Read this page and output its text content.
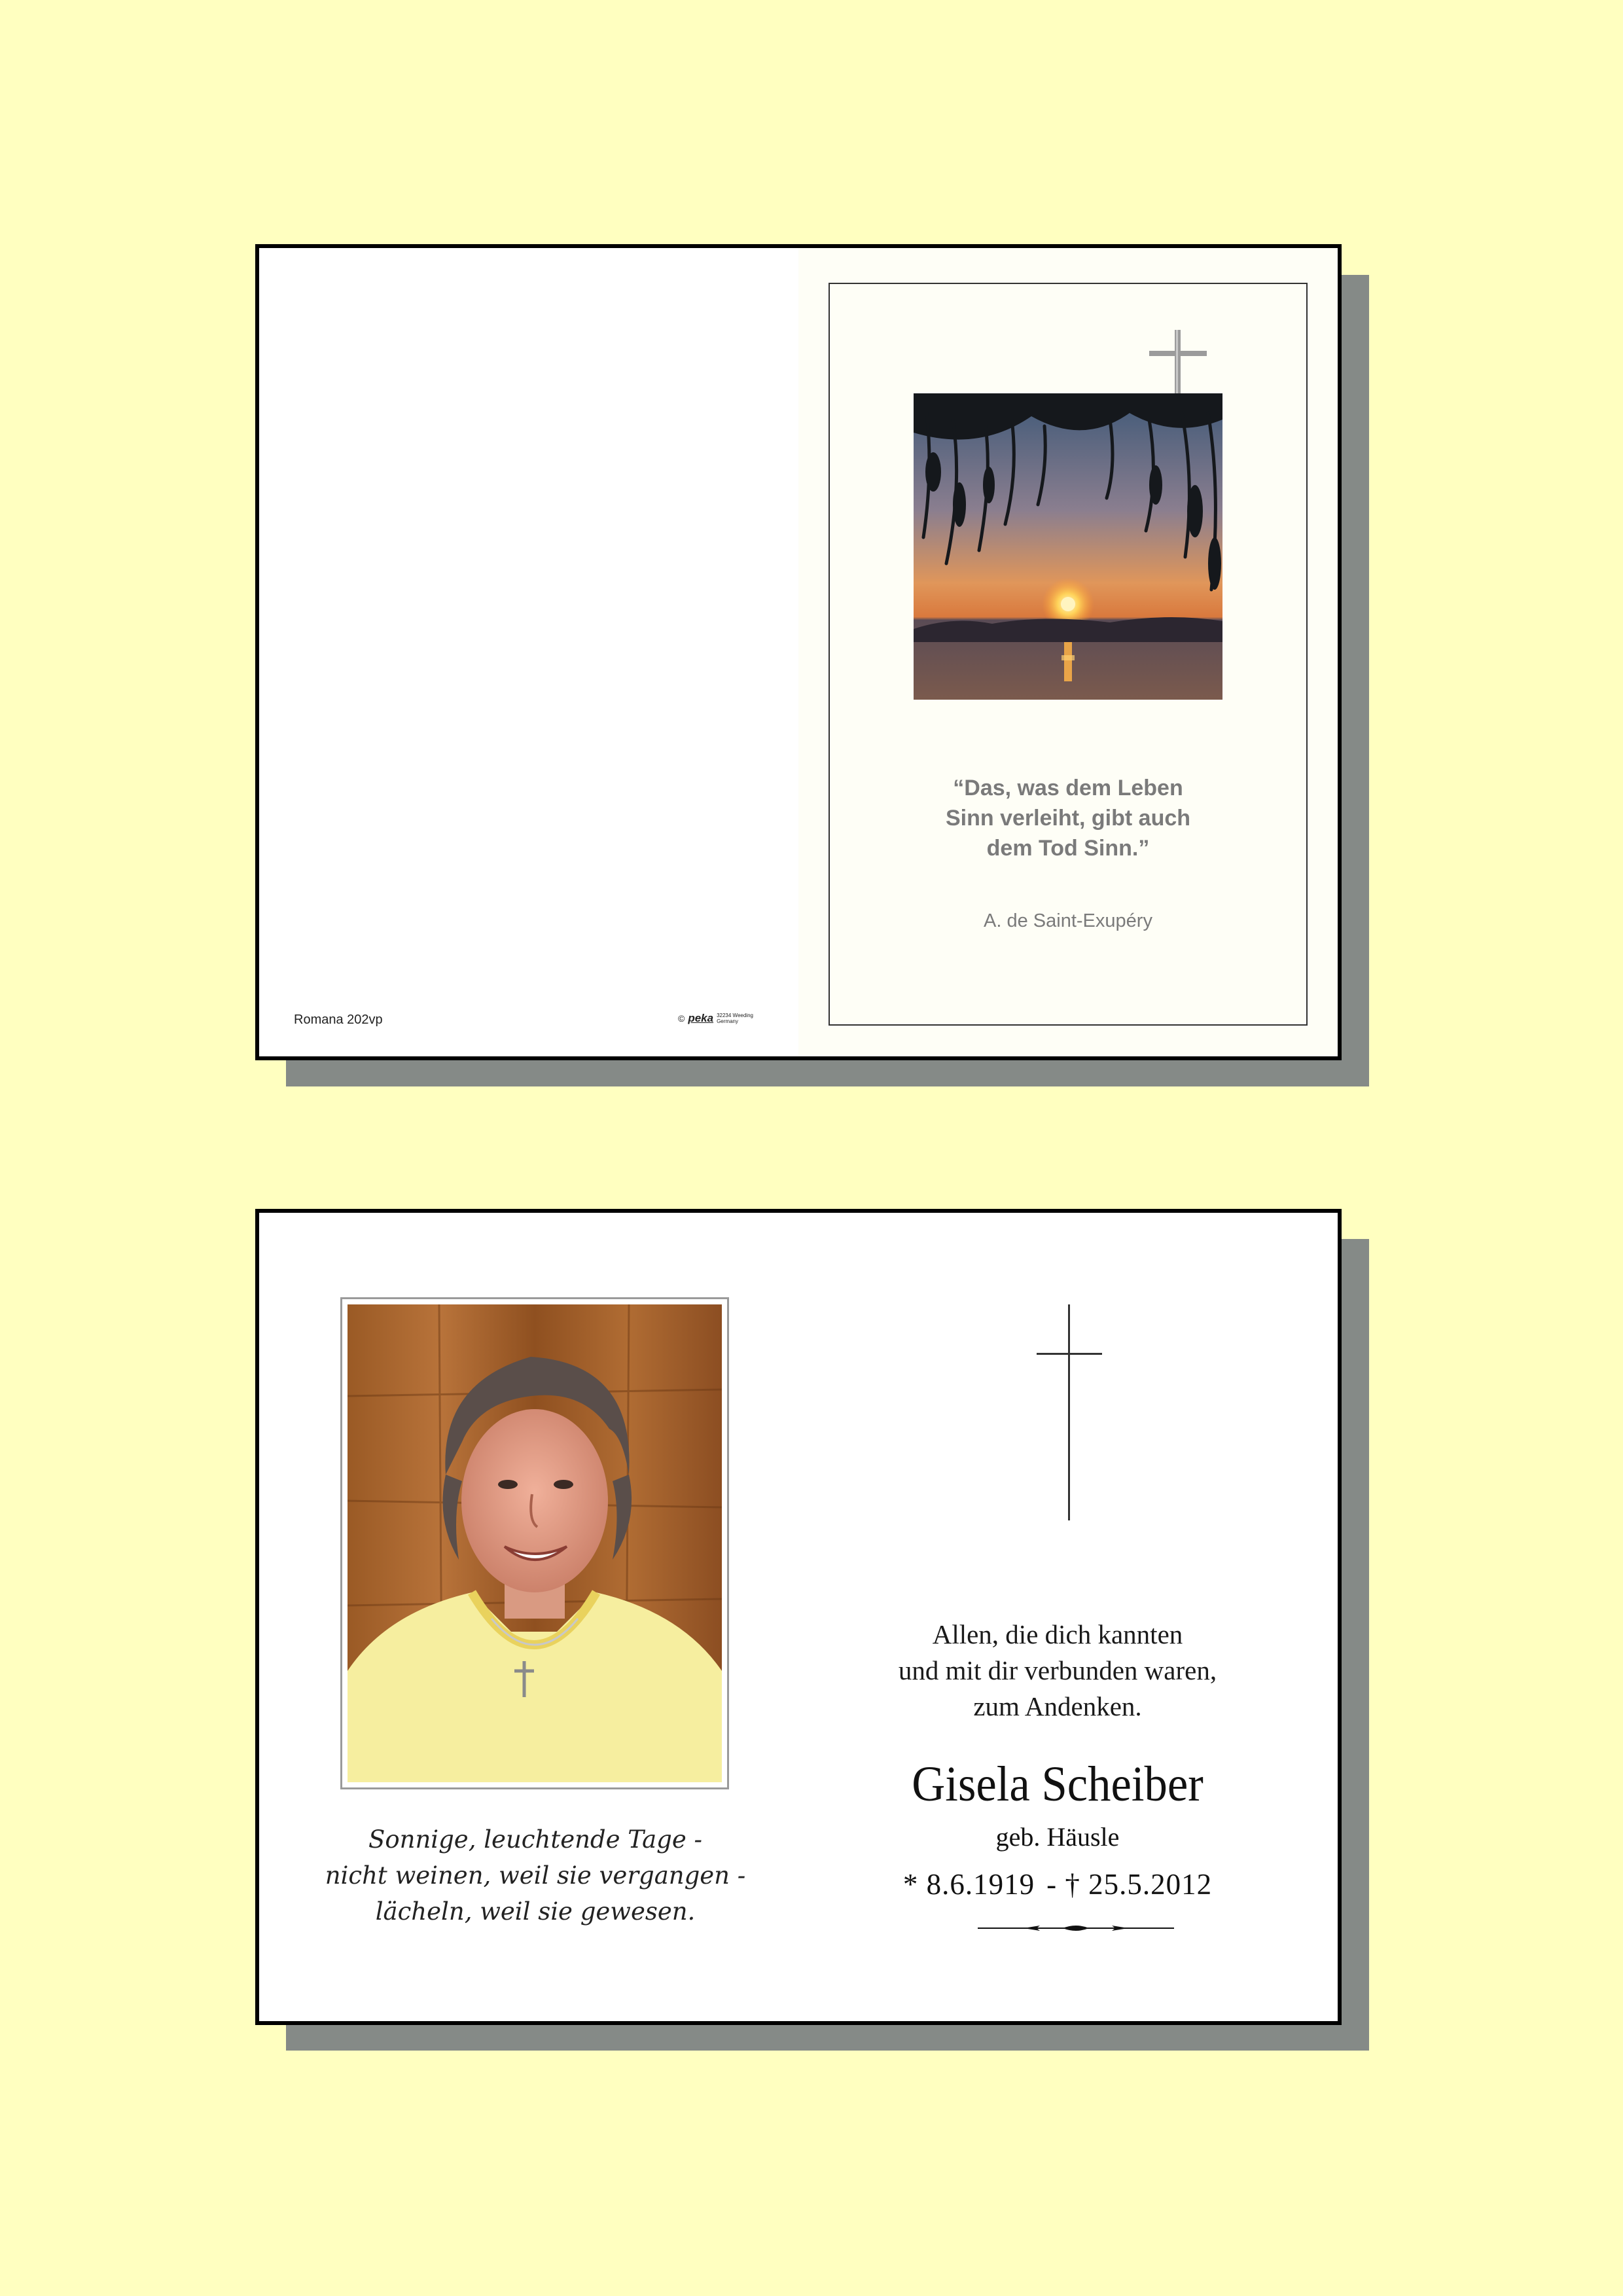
“Das, was dem Leben
Sinn verleiht, gibt auch
dem Tod Sinn.”
A. de Saint-Exupéry
Romana 202vp	© peka 32234 Weeding Germany
Sonnige, leuchtende Tage -
nicht weinen, weil sie vergangen -
lächeln, weil sie gewesen.
Allen, die dich kannten
und mit dir verbunden waren,
zum Andenken.
Gisela Scheiber
geb. Häusle
* 8.6.1919 - † 25.5.2012
